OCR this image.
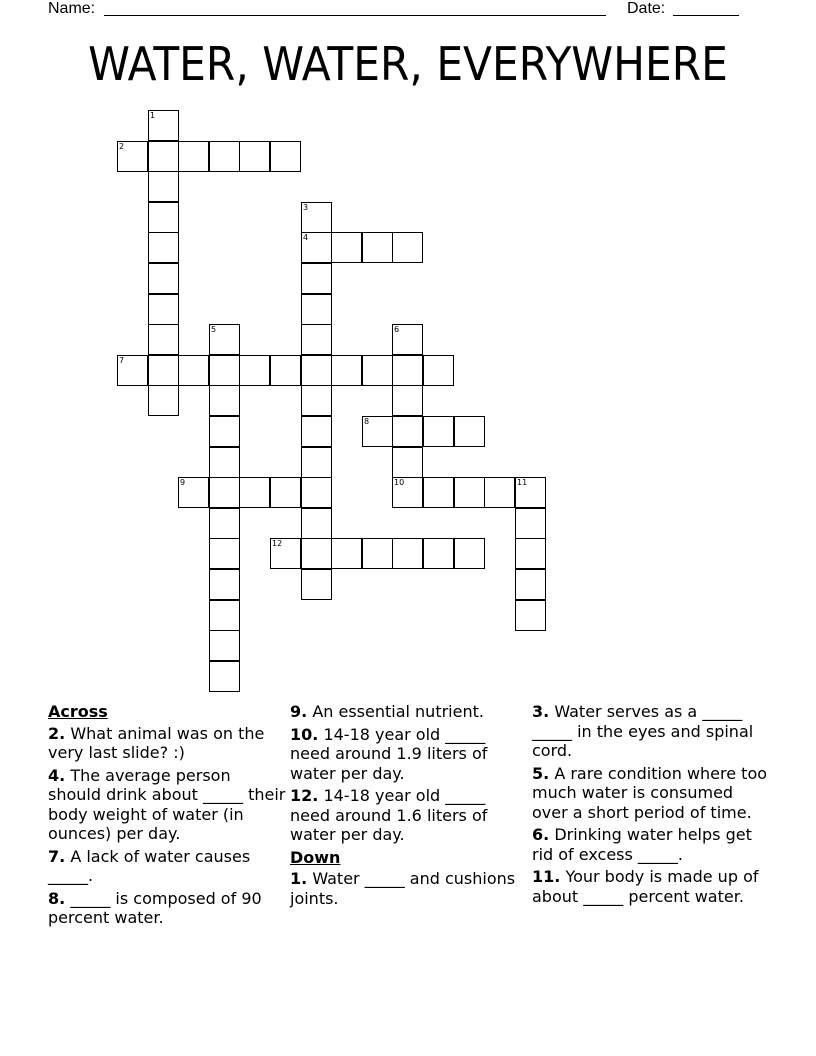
Name:	Date:
WATER, WATER, EVERYWHERE
1
2
3
4
5	6
10
7
8
9	11
12
Across
2. What animal was on the very last slide? :)
4. The average person should drink about _____ their body weight of water (in ounces) per day.
7. A lack of water causes _____.
8. _____ is composed of 90 percent water.
9. An essential nutrient.
10. 14-18 year old _____ need around 1.9 liters of water per day.
12. 14-18 year old _____ need around 1.6 liters of water per day.
Down
1. Water _____ and cushions joints.
3. Water serves as a _____ _____ in the eyes and spinal cord.
5. A rare condition where too much water is consumed over a short period of time.
6. Drinking water helps get rid of excess _____.
11. Your body is made up of about _____ percent water.
